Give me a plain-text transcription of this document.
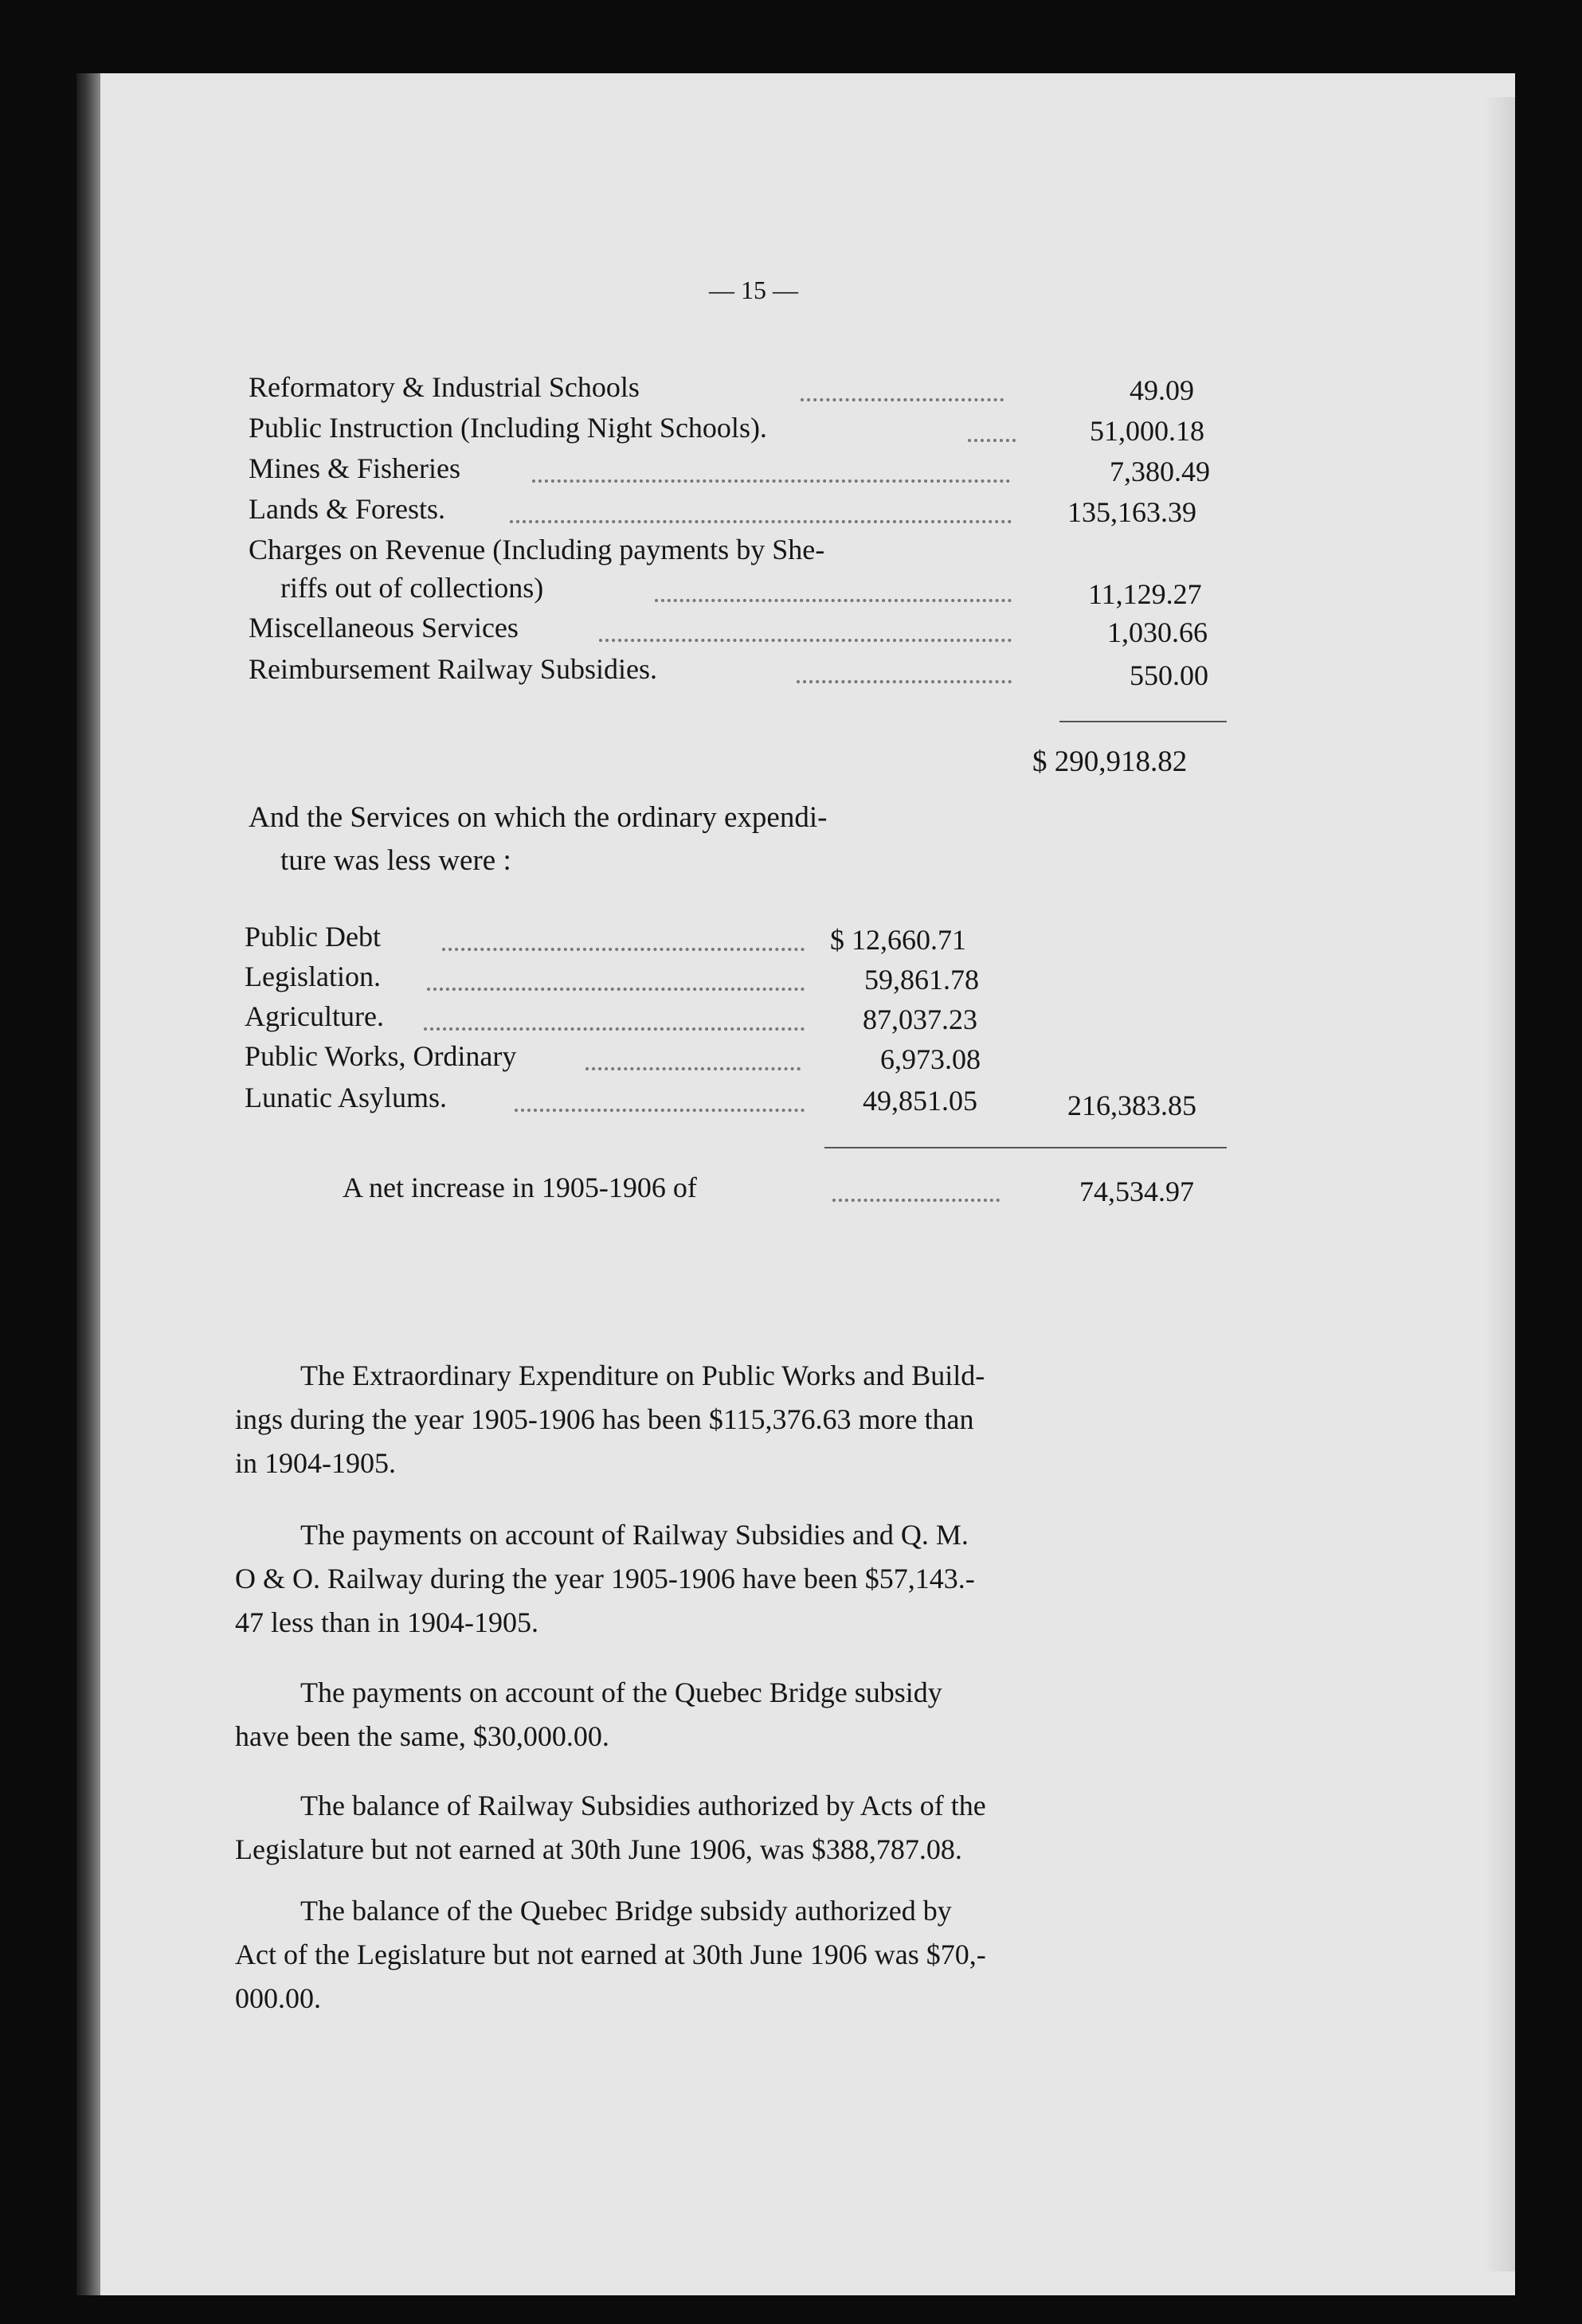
— 15 —
Reformatory & Industrial Schools	49.09
Public Instruction (Including Night Schools).	51,000.18
Mines & Fisheries	7,380.49
Lands & Forests.	135,163.39
Charges on Revenue (Including payments by She-
riffs out of collections)	11,129.27
Miscellaneous Services	1,030.66
Reimbursement Railway Subsidies.	550.00
$ 290,918.82
And the Services on which the ordinary expendi-
ture was less were :
Public Debt	$ 12,660.71
Legislation.	59,861.78
Agriculture.	87,037.23
Public Works, Ordinary	6,973.08
Lunatic Asylums.	49,851.05	216,383.85
A net increase in 1905-1906 of	74,534.97
The Extraordinary Expenditure on Public Works and Build-
ings during the year 1905-1906 has been $115,376.63 more than
in 1904-1905.
The payments on account of Railway Subsidies and Q. M.
O & O. Railway during the year 1905-1906 have been $57,143.-
47 less than in 1904-1905.
The payments on account of the Quebec Bridge subsidy
have been the same, $30,000.00.
The balance of Railway Subsidies authorized by Acts of the
Legislature but not earned at 30th June 1906, was $388,787.08.
The balance of the Quebec Bridge subsidy authorized by
Act of the Legislature but not earned at 30th June 1906 was $70,-
000.00.
